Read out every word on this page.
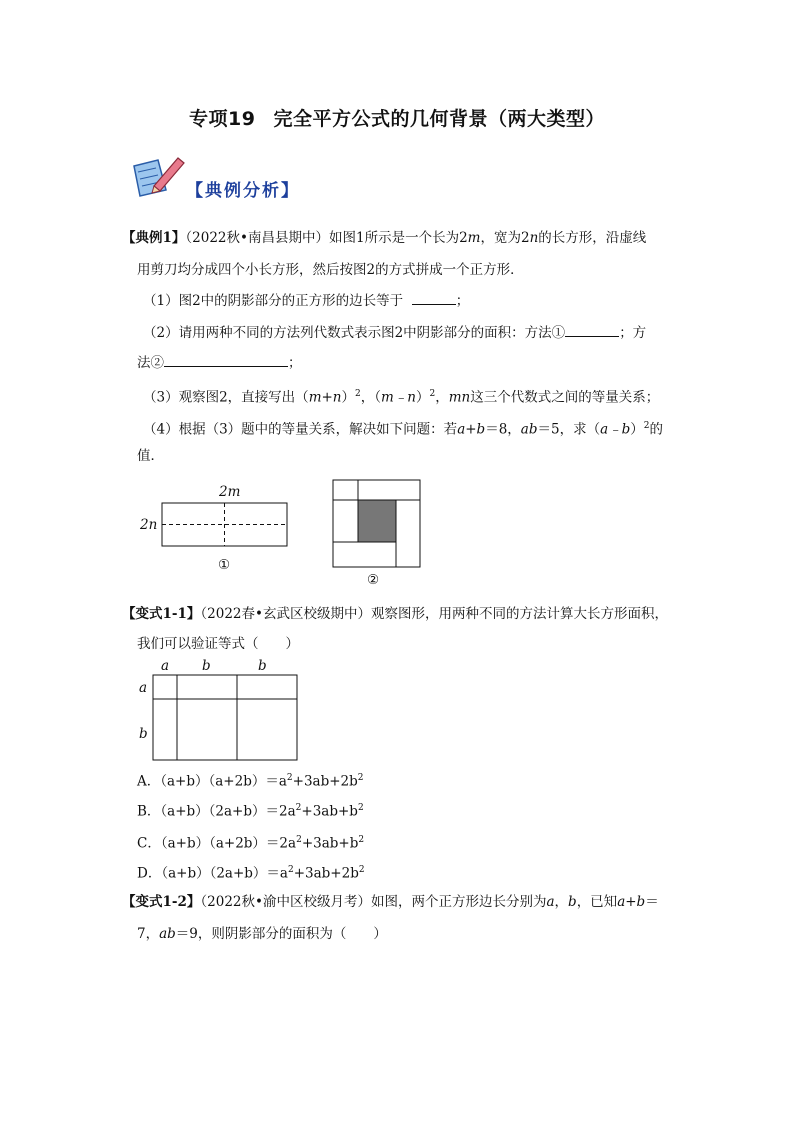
专项19 完全平方公式的几何背景（两大类型）
【典例分析】
【典例1】（2022秋•南昌县期中）如图1所示是一个长为2m，宽为2n的长方形，沿虚线
用剪刀均分成四个小长方形，然后按图2的方式拼成一个正方形．
（1）图2中的阴影部分的正方形的边长等于	；
（2）请用两种不同的方法列代数式表示图2中阴影部分的面积：方法①	；方
法②	；
（3）观察图2，直接写出$(m+n)^2$，（m﹣n）$^2$，mn这三个代数式之间的等量关系；
（4）根据（3）题中的等量关系，解决如下问题：若a+b＝8，ab＝5，求（a﹣b）$^2$的
值．
2m
2n
①
②
【变式1-1】（2022春•玄武区校级期中）观察图形，用两种不同的方法计算大长方形面积，
我们可以验证等式（　　）
a b	b
a
b
A．$(a+b)(a+2b)=a^2+3ab+2b^2$
B．$(a+b)(2a+b)=2a^2+3ab+b^2$
C．$(a+b)(a+2b)=2a^2+3ab+b^2$
D．$(a+b)(2a+b)=a^2+3ab+2b^2$
【变式1-2】（2022秋•渝中区校级月考）如图，两个正方形边长分别为a，b，已知a+b＝
7，ab＝9，则阴影部分的面积为（　　）
